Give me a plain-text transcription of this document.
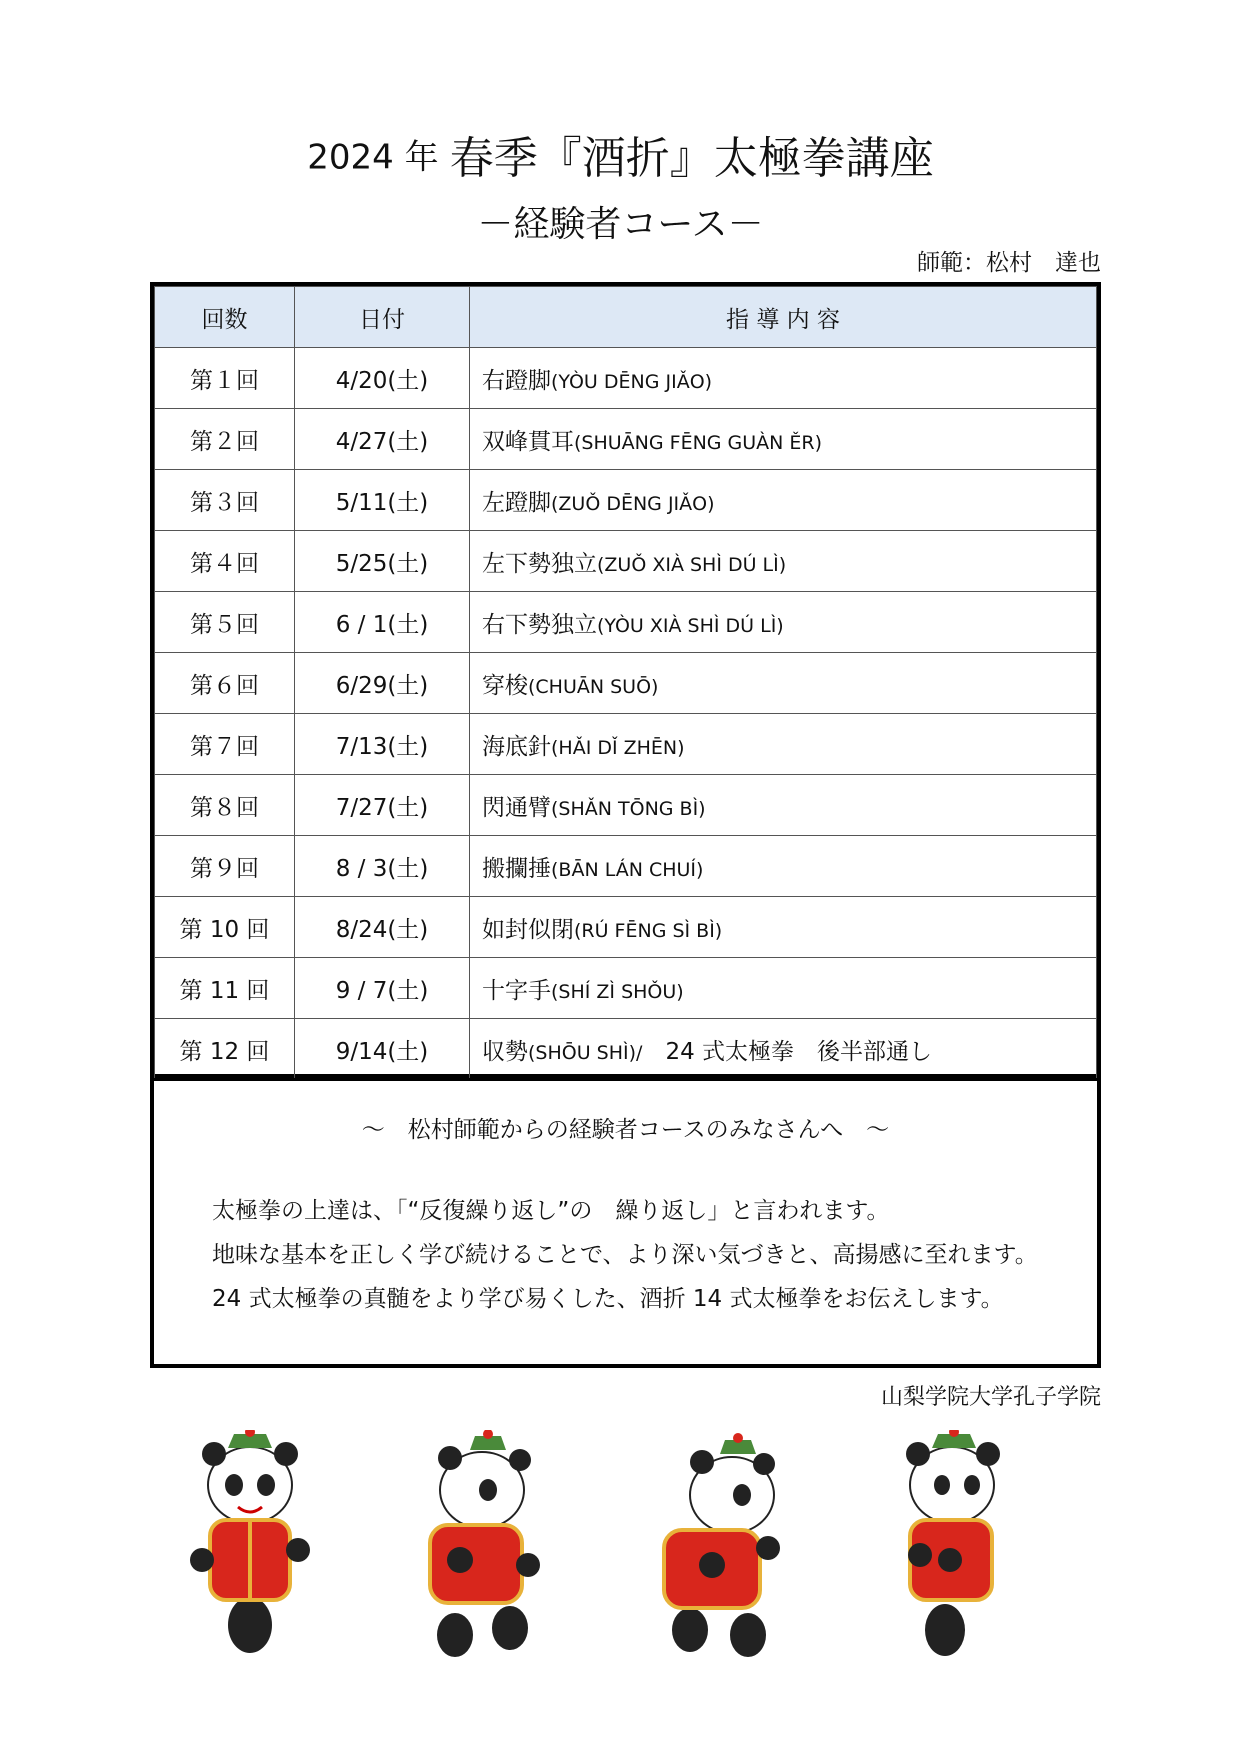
2024 年 春季『酒折』太極拳講座
－経験者コース－
師範：松村　達也
回数	日付	指 導 内 容
第１回	4/20(土)	右蹬脚(YÒU DĒNG JIǍO)
第２回	4/27(土)	双峰貫耳(SHUĀNG FĒNG GUÀN ĚR)
第３回	5/11(土)	左蹬脚(ZUǑ DĒNG JIǍO)
第４回	5/25(土)	左下勢独立(ZUǑ XIÀ SHÌ DÚ LÌ)
第５回	6 / 1(土)	右下勢独立(YÒU XIÀ SHÌ DÚ LÌ)
第６回	6/29(土)	穿梭(CHUĀN SUŌ)
第７回	7/13(土)	海底針(HǍI DǏ ZHĒN)
第８回	7/27(土)	閃通臂(SHǍN TŌNG BÌ)
第９回	8 / 3(土)	搬攔捶(BĀN LÁN CHUÍ)
第 10 回	8/24(土)	如封似閉(RÚ FĒNG SÌ BÌ)
第 11 回	9 / 7(土)	十字手(SHÍ ZÌ SHǑU)
第 12 回	9/14(土)	収勢(SHŌU SHÌ)/　24 式太極拳　後半部通し
～　松村師範からの経験者コースのみなさんへ　～
太極拳の上達は、「“反復繰り返し”の　繰り返し」と言われます。
地味な基本を正しく学び続けることで、より深い気づきと、高揚感に至れます。
24 式太極拳の真髄をより学び易くした、酒折 14 式太極拳をお伝えします。
山梨学院大学孔子学院
